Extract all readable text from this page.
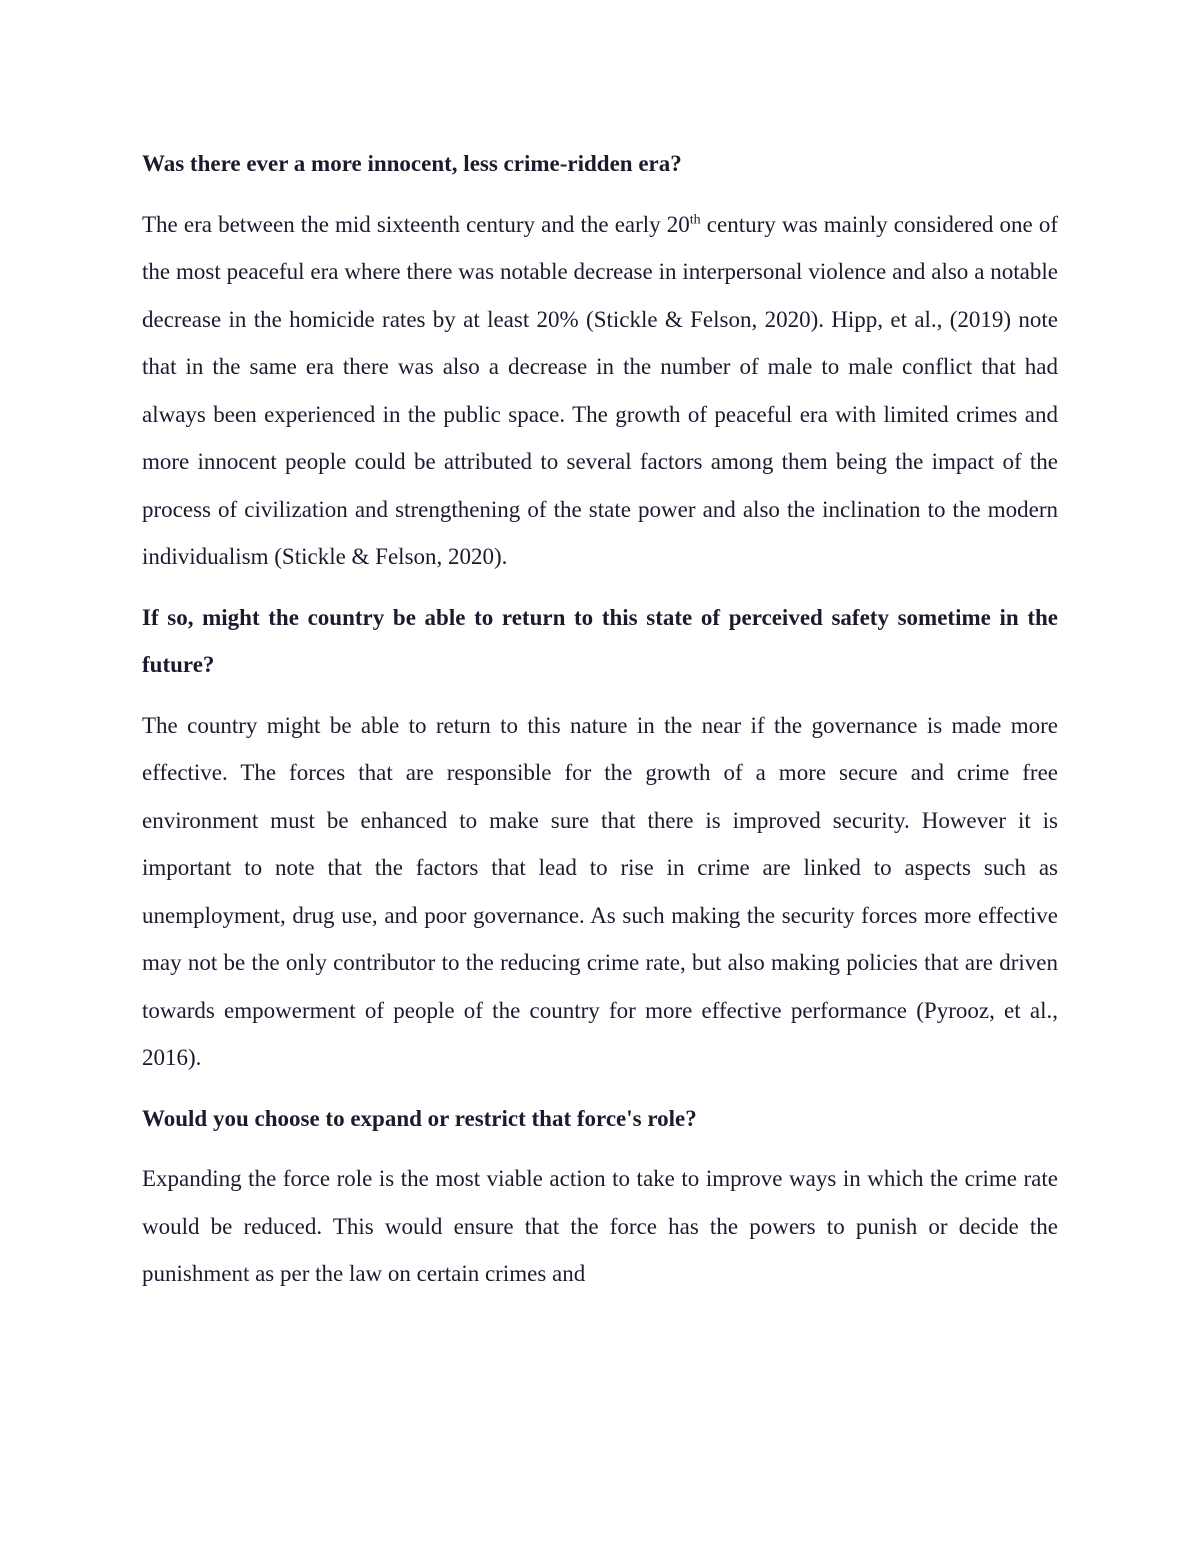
Was there ever a more innocent, less crime-ridden era?

The era between the mid sixteenth century and the early 20th century was mainly considered one of the most peaceful era where there was notable decrease in interpersonal violence and also a notable decrease in the homicide rates by at least 20% (Stickle & Felson, 2020). Hipp, et al., (2019) note that in the same era there was also a decrease in the number of male to male conflict that had always been experienced in the public space. The growth of peaceful era with limited crimes and more innocent people could be attributed to several factors among them being the impact of the process of civilization and strengthening of the state power and also the inclination to the modern individualism (Stickle & Felson, 2020).

If so, might the country be able to return to this state of perceived safety sometime in the future?

The country might be able to return to this nature in the near if the governance is made more effective. The forces that are responsible for the growth of a more secure and crime free environment must be enhanced to make sure that there is improved security. However it is important to note that the factors that lead to rise in crime are linked to aspects such as unemployment, drug use, and poor governance. As such making the security forces more effective may not be the only contributor to the reducing crime rate, but also making policies that are driven towards empowerment of people of the country for more effective performance (Pyrooz, et al., 2016).

Would you choose to expand or restrict that force's role?

Expanding the force role is the most viable action to take to improve ways in which the crime rate would be reduced. This would ensure that the force has the powers to punish or decide the punishment as per the law on certain crimes and
